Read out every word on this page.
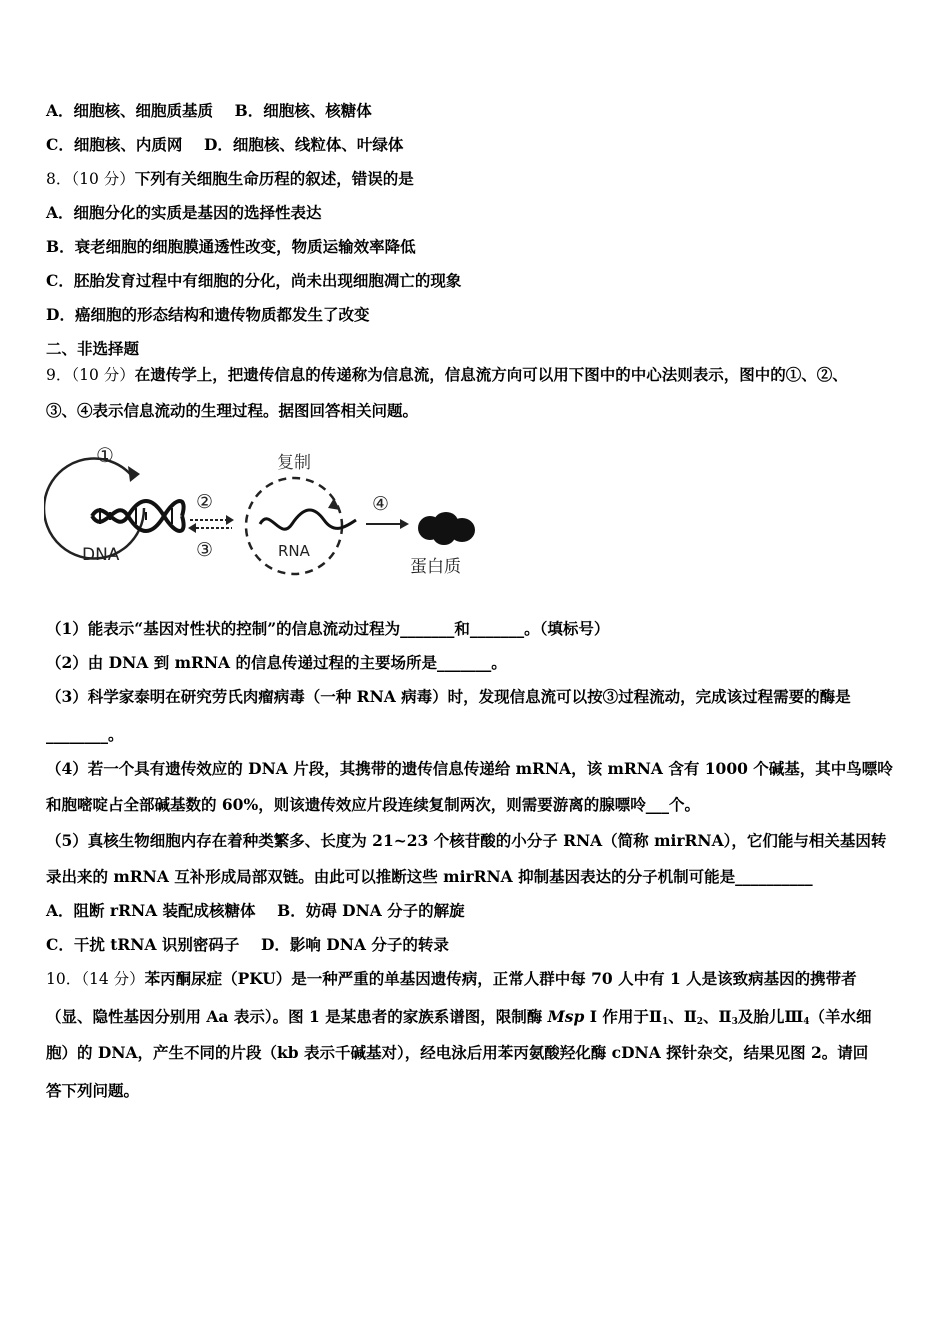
A．细胞核、细胞质基质 B．细胞核、核糖体
C．细胞核、内质网 D．细胞核、线粒体、叶绿体
8．（10 分）下列有关细胞生命历程的叙述，错误的是
A．细胞分化的实质是基因的选择性表达
B．衰老细胞的细胞膜通透性改变，物质运输效率降低
C．胚胎发育过程中有细胞的分化，尚未出现细胞凋亡的现象
D．癌细胞的形态结构和遗传物质都发生了改变
二、非选择题
9．（10 分）在遗传学上，把遗传信息的传递称为信息流，信息流方向可以用下图中的中心法则表示，图中的①、②、
③、④表示信息流动的生理过程。据图回答相关问题。
①
DNA
②
③
复制
RNA
④
蛋白质
（1）能表示“基因对性状的控制”的信息流动过程为_______和_______。（填标号）
（2）由 DNA 到 mRNA 的信息传递过程的主要场所是_______。
（3）科学家泰明在研究劳氏肉瘤病毒（一种 RNA 病毒）时，发现信息流可以按③过程流动，完成该过程需要的酶是
________。
（4）若一个具有遗传效应的 DNA 片段，其携带的遗传信息传递给 mRNA，该 mRNA 含有 1000 个碱基，其中鸟嘌呤
和胞嘧啶占全部碱基数的 60%，则该遗传效应片段连续复制两次，则需要游离的腺嘌呤___个。
（5）真核生物细胞内存在着种类繁多、长度为 21~23 个核苷酸的小分子 RNA（简称 mirRNA），它们能与相关基因转
录出来的 mRNA 互补形成局部双链。由此可以推断这些 mirRNA 抑制基因表达的分子机制可能是__________
A．阻断 rRNA 装配成核糖体 B．妨碍 DNA 分子的解旋
C．干扰 tRNA 识别密码子 D．影响 DNA 分子的转录
10．（14 分）苯丙酮尿症（PKU）是一种严重的单基因遗传病，正常人群中每 70 人中有 1 人是该致病基因的携带者
（显、隐性基因分别用 Aa 表示）。图 1 是某患者的家族系谱图，限制酶 Msp I 作用于$Ⅱ_1$、$Ⅱ_2$、$Ⅱ_3$及胎儿$Ⅲ_4$（羊水细
胞）的 DNA，产生不同的片段（kb 表示千碱基对），经电泳后用苯丙氨酸羟化酶 cDNA 探针杂交，结果见图 2。请回
答下列问题。
